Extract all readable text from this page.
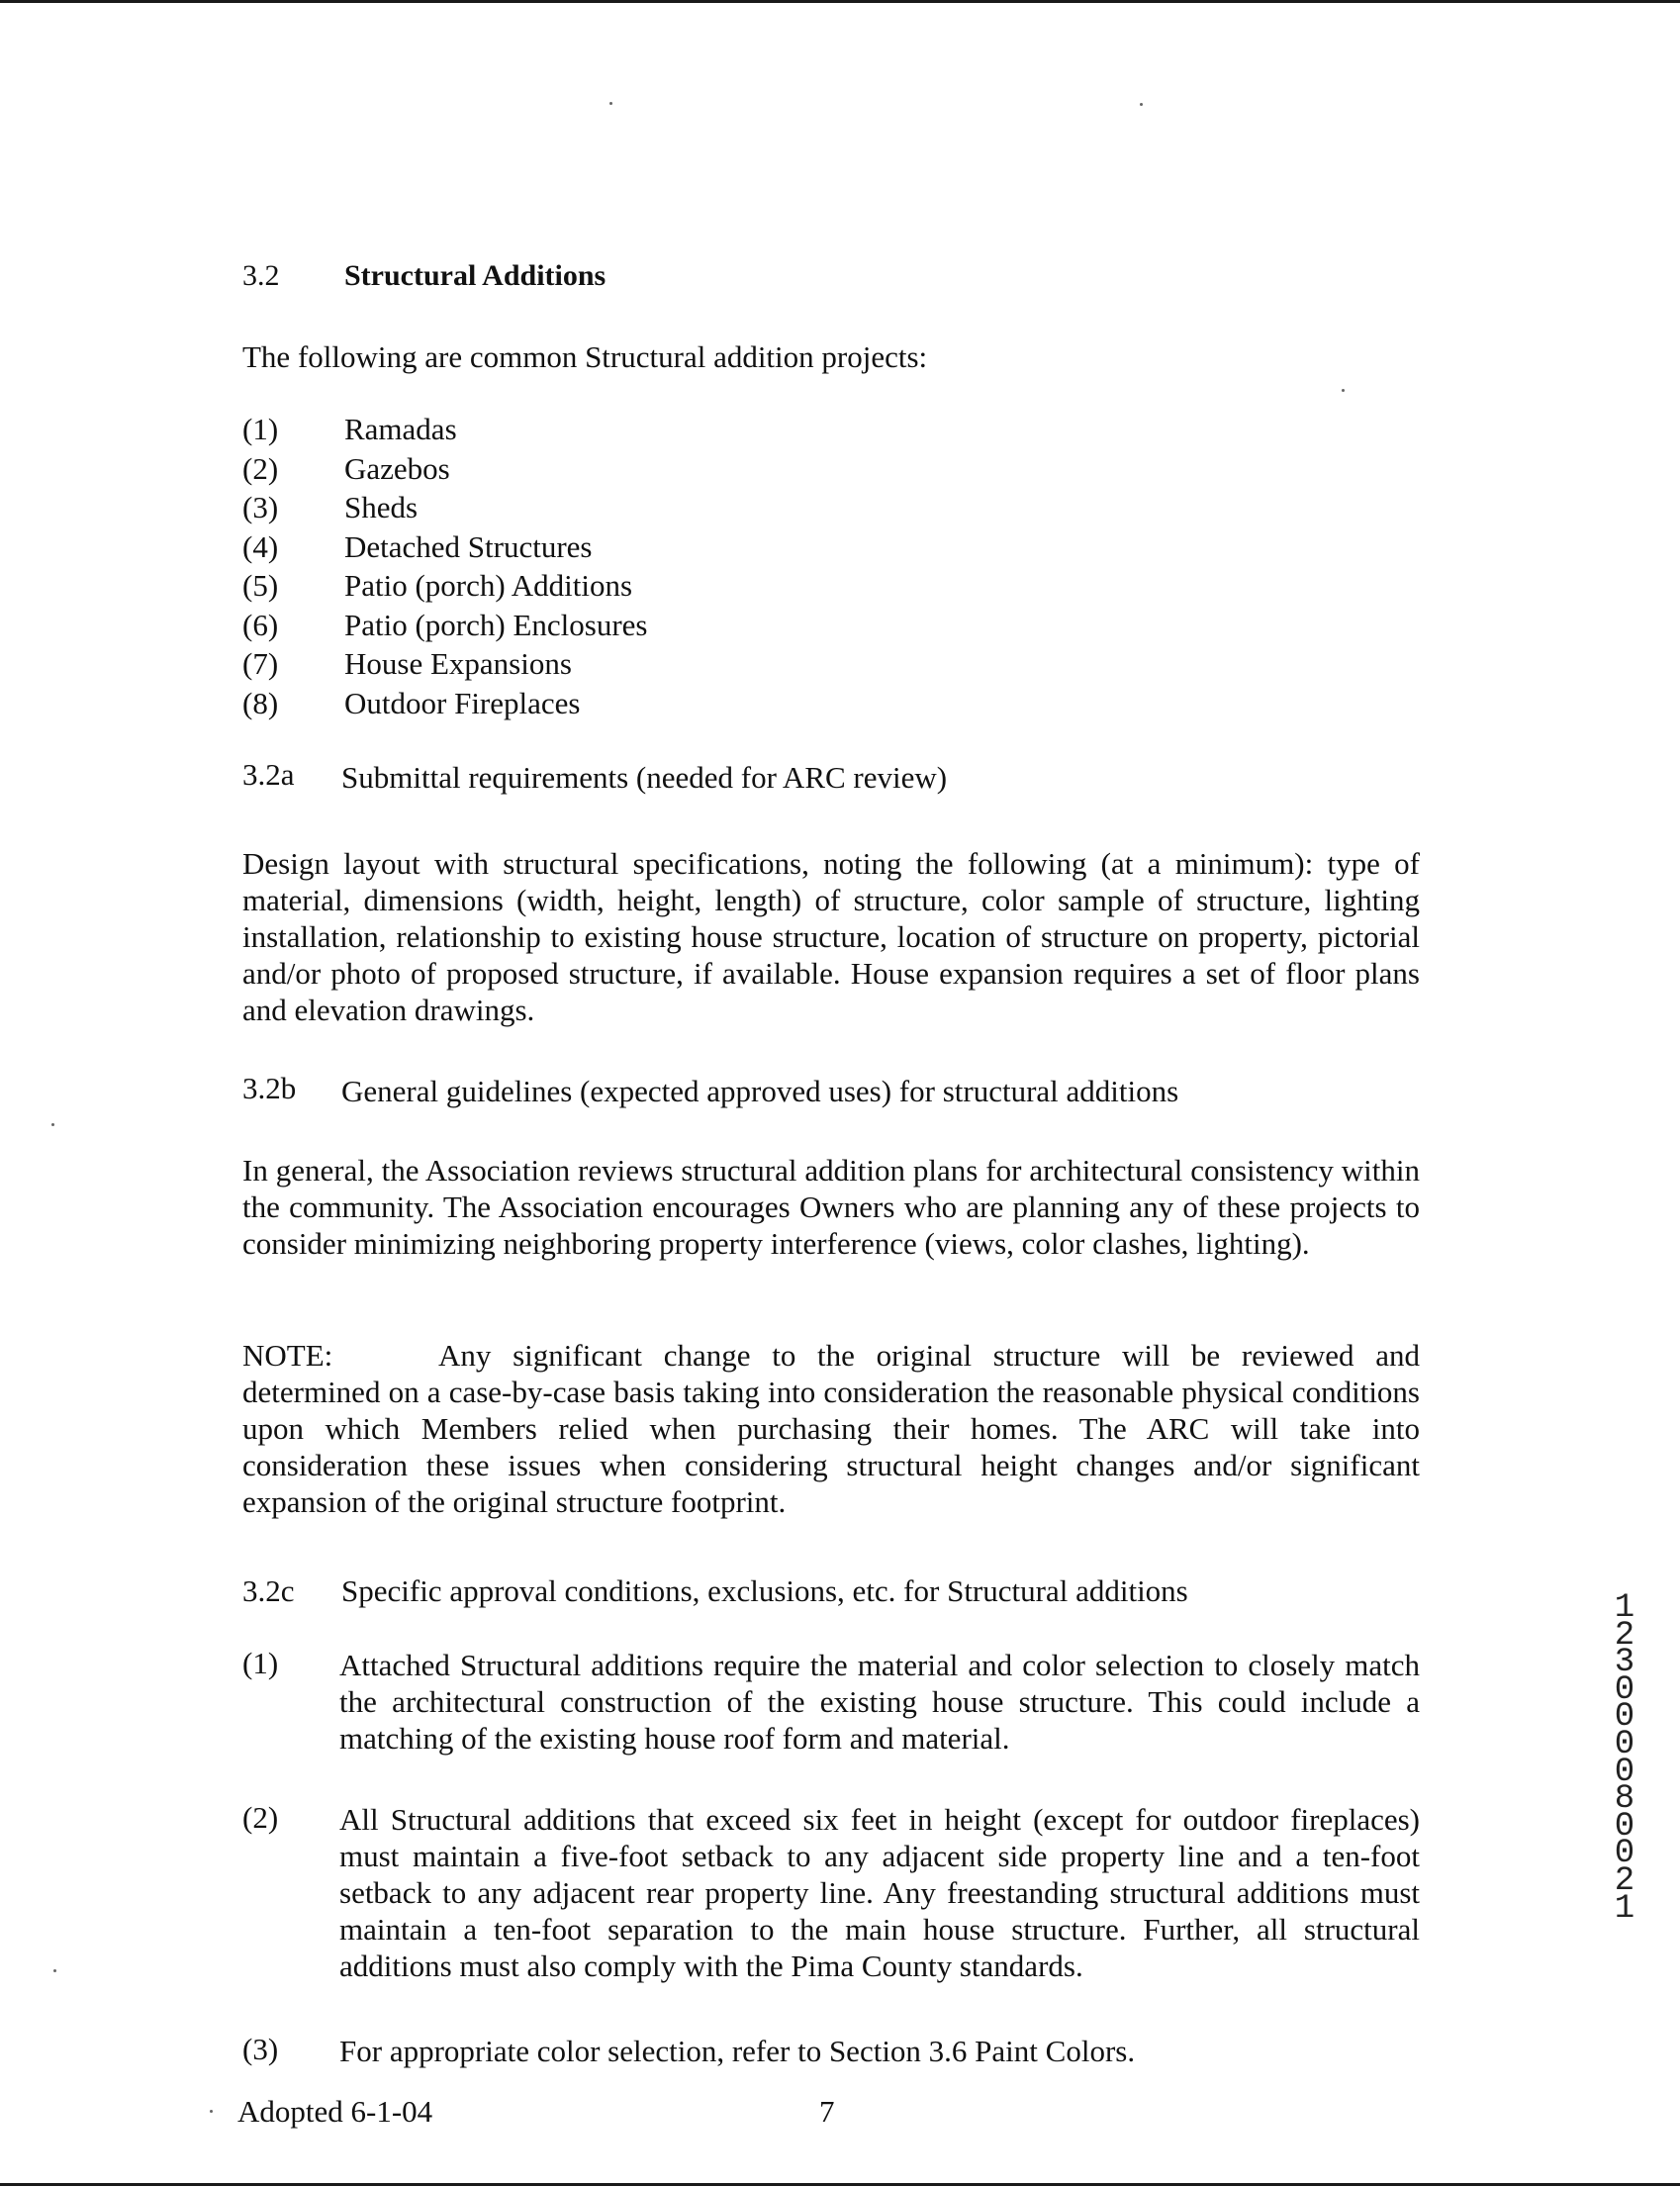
3.2 Structural Additions
The following are common Structural addition projects:
(1) Ramadas
(2) Gazebos
(3) Sheds
(4) Detached Structures
(5) Patio (porch) Additions
(6) Patio (porch) Enclosures
(7) House Expansions
(8) Outdoor Fireplaces
3.2a Submittal requirements (needed for ARC review)
Design layout with structural specifications, noting the following (at a minimum): type of material, dimensions (width, height, length) of structure, color sample of structure, lighting installation, relationship to existing house structure, location of structure on property, pictorial and/or photo of proposed structure, if available. House expansion requires a set of floor plans and elevation drawings.
3.2b General guidelines (expected approved uses) for structural additions
In general, the Association reviews structural addition plans for architectural consistency within the community. The Association encourages Owners who are planning any of these projects to consider minimizing neighboring property interference (views, color clashes, lighting).
NOTE:	Any significant change to the original structure will be reviewed and determined on a case-by-case basis taking into consideration the reasonable physical conditions upon which Members relied when purchasing their homes. The ARC will take into consideration these issues when considering structural height changes and/or significant expansion of the original structure footprint.
3.2c Specific approval conditions, exclusions, etc. for Structural additions
(1) Attached Structural additions require the material and color selection to closely match the architectural construction of the existing house structure. This could include a matching of the existing house roof form and material.
(2) All Structural additions that exceed six feet in height (except for outdoor fireplaces) must maintain a five-foot setback to any adjacent side property line and a ten-foot setback to any adjacent rear property line. Any freestanding structural additions must maintain a ten-foot separation to the main house structure. Further, all structural additions must also comply with the Pima County standards.
(3) For appropriate color selection, refer to Section 3.6 Paint Colors.
Adopted 6-1-04	7
1230 0008 0021
